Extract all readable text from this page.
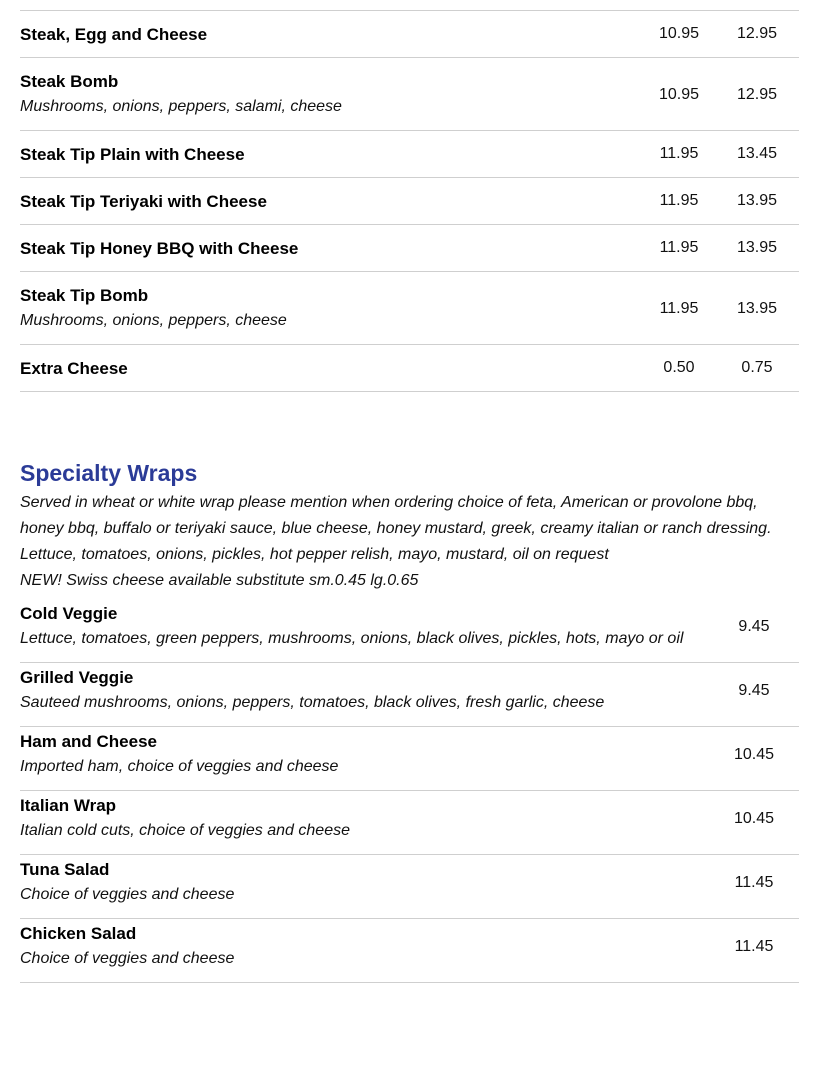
Steak, Egg and Cheese	10.95	12.95
Steak Bomb
Mushrooms, onions, peppers, salami, cheese
10.95	12.95
Steak Tip Plain with Cheese	11.95	13.45
Steak Tip Teriyaki with Cheese	11.95	13.95
Steak Tip Honey BBQ with Cheese	11.95	13.95
Steak Tip Bomb
Mushrooms, onions, peppers, cheese
11.95	13.95
Extra Cheese	0.50	0.75
Specialty Wraps
Served in wheat or white wrap please mention when ordering choice of feta, American or provolone bbq, honey bbq, buffalo or teriyaki sauce, blue cheese, honey mustard, greek, creamy italian or ranch dressing. Lettuce, tomatoes, onions, pickles, hot pepper relish, mayo, mustard, oil on request
NEW! Swiss cheese available substitute sm.0.45 lg.0.65
Cold Veggie
Lettuce, tomatoes, green peppers, mushrooms, onions, black olives, pickles, hots, mayo or oil
9.45
Grilled Veggie
Sauteed mushrooms, onions, peppers, tomatoes, black olives, fresh garlic, cheese
9.45
Ham and Cheese
Imported ham, choice of veggies and cheese
10.45
Italian Wrap
Italian cold cuts, choice of veggies and cheese
10.45
Tuna Salad
Choice of veggies and cheese
11.45
Chicken Salad
Choice of veggies and cheese
11.45
